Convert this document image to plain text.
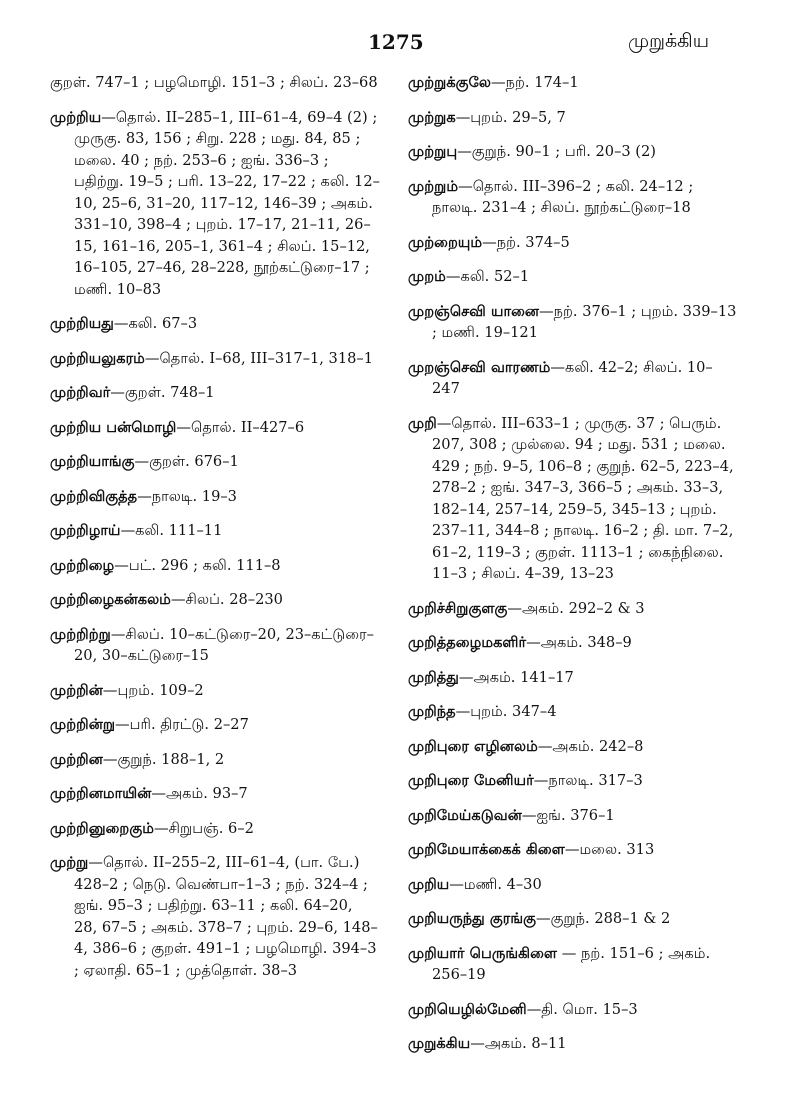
1275	முறுக்கிய
குறள். 747–1 ; பழமொழி. 151–3 ; சிலப். 23–68
முற்றிய—தொல். II–285–1, III–61–4, 69–4 (2) ; முருகு. 83, 156 ; சிறு. 228 ; மது. 84, 85 ; மலை. 40 ; நற். 253–6 ; ஐங். 336–3 ; பதிற்று. 19–5 ; பரி. 13–22, 17–22 ; கலி. 12–10, 25–6, 31–20, 117–12, 146–39 ; அகம். 331–10, 398–4 ; புறம். 17–17, 21–11, 26–15, 161–16, 205–1, 361–4 ; சிலப். 15–12, 16–105, 27–46, 28–228, நூற்கட்டுரை–17 ; மணி. 10–83
முற்றியது—கலி. 67–3
முற்றியலுகரம்—தொல். I–68, III–317–1, 318–1
முற்றிவர்—குறள். 748–1
முற்றிய பன்மொழி—தொல். II–427–6
முற்றியாங்கு—குறள். 676–1
முற்றிவிகுத்த—நாலடி. 19–3
முற்றிழாய்—கலி. 111–11
முற்றிழை—பட். 296 ; கலி. 111–8
முற்றிழைகன்கலம்—சிலப். 28–230
முற்றிற்று—சிலப். 10–கட்டுரை–20, 23–கட்டுரை–20, 30–கட்டுரை–15
முற்றின்—புறம். 109–2
முற்றின்று—பரி. திரட்டு. 2–27
முற்றின—குறுந். 188–1, 2
முற்றினமாயின்—அகம். 93–7
முற்றினுறைகும்—சிறுபஞ். 6–2
முற்று—தொல். II–255–2, III–61–4, (பா. பே.) 428–2 ; நெடு. வெண்பா–1–3 ; நற். 324–4 ; ஐங். 95–3 ; பதிற்று. 63–11 ; கலி. 64–20, 28, 67–5 ; அகம். 378–7 ; புறம். 29–6, 148–4, 386–6 ; குறள். 491–1 ; பழமொழி. 394–3 ; ஏலாதி. 65–1 ; முத்தொள். 38–3
முற்றுக்குலே—நற். 174–1
முற்றுக—புறம். 29–5, 7
முற்றுபு—குறுந். 90–1 ; பரி. 20–3 (2)
முற்றும்—தொல். III–396–2 ; கலி. 24–12 ; நாலடி. 231–4 ; சிலப். நூற்கட்டுரை–18
முற்றையும்—நற். 374–5
முறம்—கலி. 52–1
முறஞ்செவி யானை—நற். 376–1 ; புறம். 339–13 ; மணி. 19–121
முறஞ்செவி வாரணம்—கலி. 42–2; சிலப். 10–247
முறி—தொல். III–633–1 ; முருகு. 37 ; பெரும். 207, 308 ; முல்லை. 94 ; மது. 531 ; மலை. 429 ; நற். 9–5, 106–8 ; குறுந். 62–5, 223–4, 278–2 ; ஐங். 347–3, 366–5 ; அகம். 33–3, 182–14, 257–14, 259–5, 345–13 ; புறம். 237–11, 344–8 ; நாலடி. 16–2 ; தி. மா. 7–2, 61–2, 119–3 ; குறள். 1113–1 ; கைந்நிலை. 11–3 ; சிலப். 4–39, 13–23
முறிச்சிறுகுளகு—அகம். 292–2 & 3
முறித்தழைமகளிர்—அகம். 348–9
முறித்து—அகம். 141–17
முறிந்த—புறம். 347–4
முறிபுரை எழினலம்—அகம். 242–8
முறிபுரை மேனியர்—நாலடி. 317–3
முறிமேய்கடுவன்—ஐங். 376–1
முறிமேயாக்கைக் கிளை—மலை. 313
முறிய—மணி. 4–30
முறியருந்து குரங்கு—குறுந். 288–1 & 2
முறியார் பெருங்கிளை — நற். 151–6 ; அகம். 256–19
முறியெழில்மேனி—தி. மொ. 15–3
முறுக்கிய—அகம். 8–11
